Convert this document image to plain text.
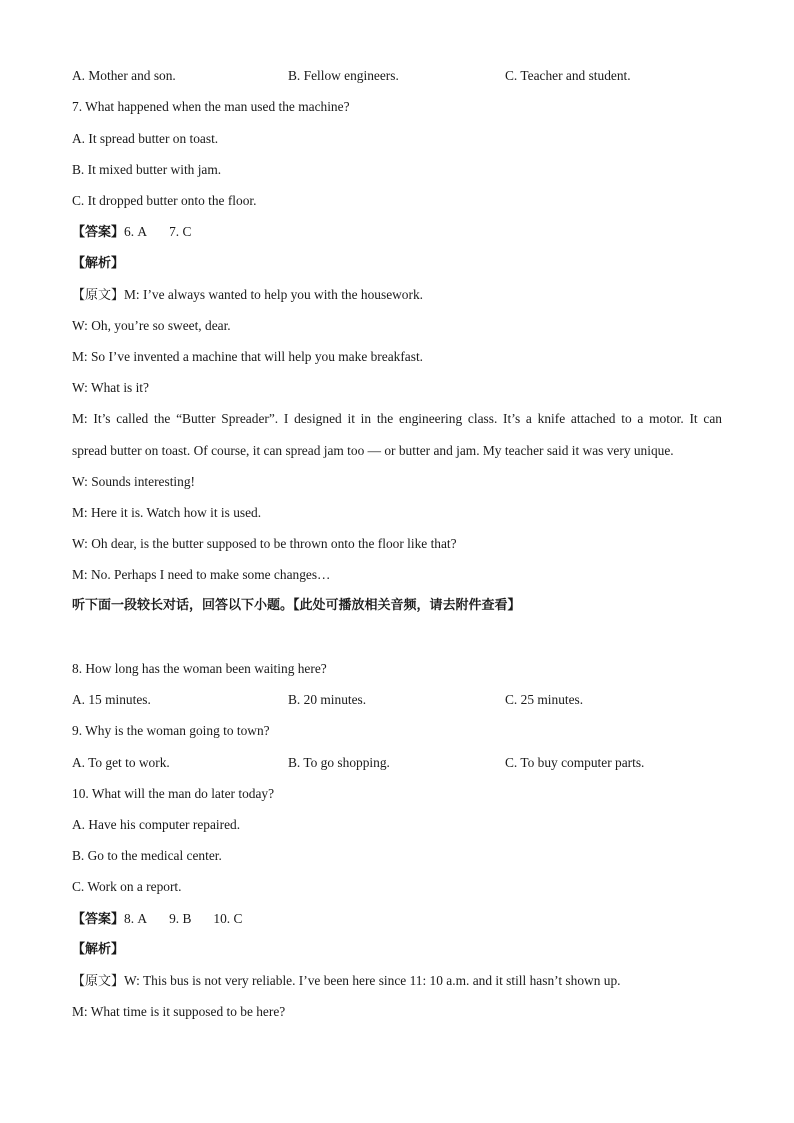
A. Mother and son.	B. Fellow engineers.	C. Teacher and student.
7. What happened when the man used the machine?
A. It spread butter on toast.
B. It mixed butter with jam.
C. It dropped butter onto the floor.
【答案】6. A 7. C
【解析】
【原文】M: I’ve always wanted to help you with the housework.
W: Oh, you’re so sweet, dear.
M: So I’ve invented a machine that will help you make breakfast.
W: What is it?
M: It’s called the “Butter Spreader”. I designed it in the engineering class. It’s a knife attached to a motor. It can
spread butter on toast. Of course, it can spread jam too — or butter and jam. My teacher said it was very unique.
W: Sounds interesting!
M: Here it is. Watch how it is used.
W: Oh dear, is the butter supposed to be thrown onto the floor like that?
M: No. Perhaps I need to make some changes…
听下面一段较长对话，回答以下小题。【此处可播放相关音频，请去附件查看】
8. How long has the woman been waiting here?
A. 15 minutes.	B. 20 minutes.	C. 25 minutes.
9. Why is the woman going to town?
A. To get to work.	B. To go shopping.	C. To buy computer parts.
10. What will the man do later today?
A. Have his computer repaired.
B. Go to the medical center.
C. Work on a report.
【答案】8. A 9. B 10. C
【解析】
【原文】W: This bus is not very reliable. I’ve been here since 11: 10 a.m. and it still hasn’t shown up.
M: What time is it supposed to be here?
